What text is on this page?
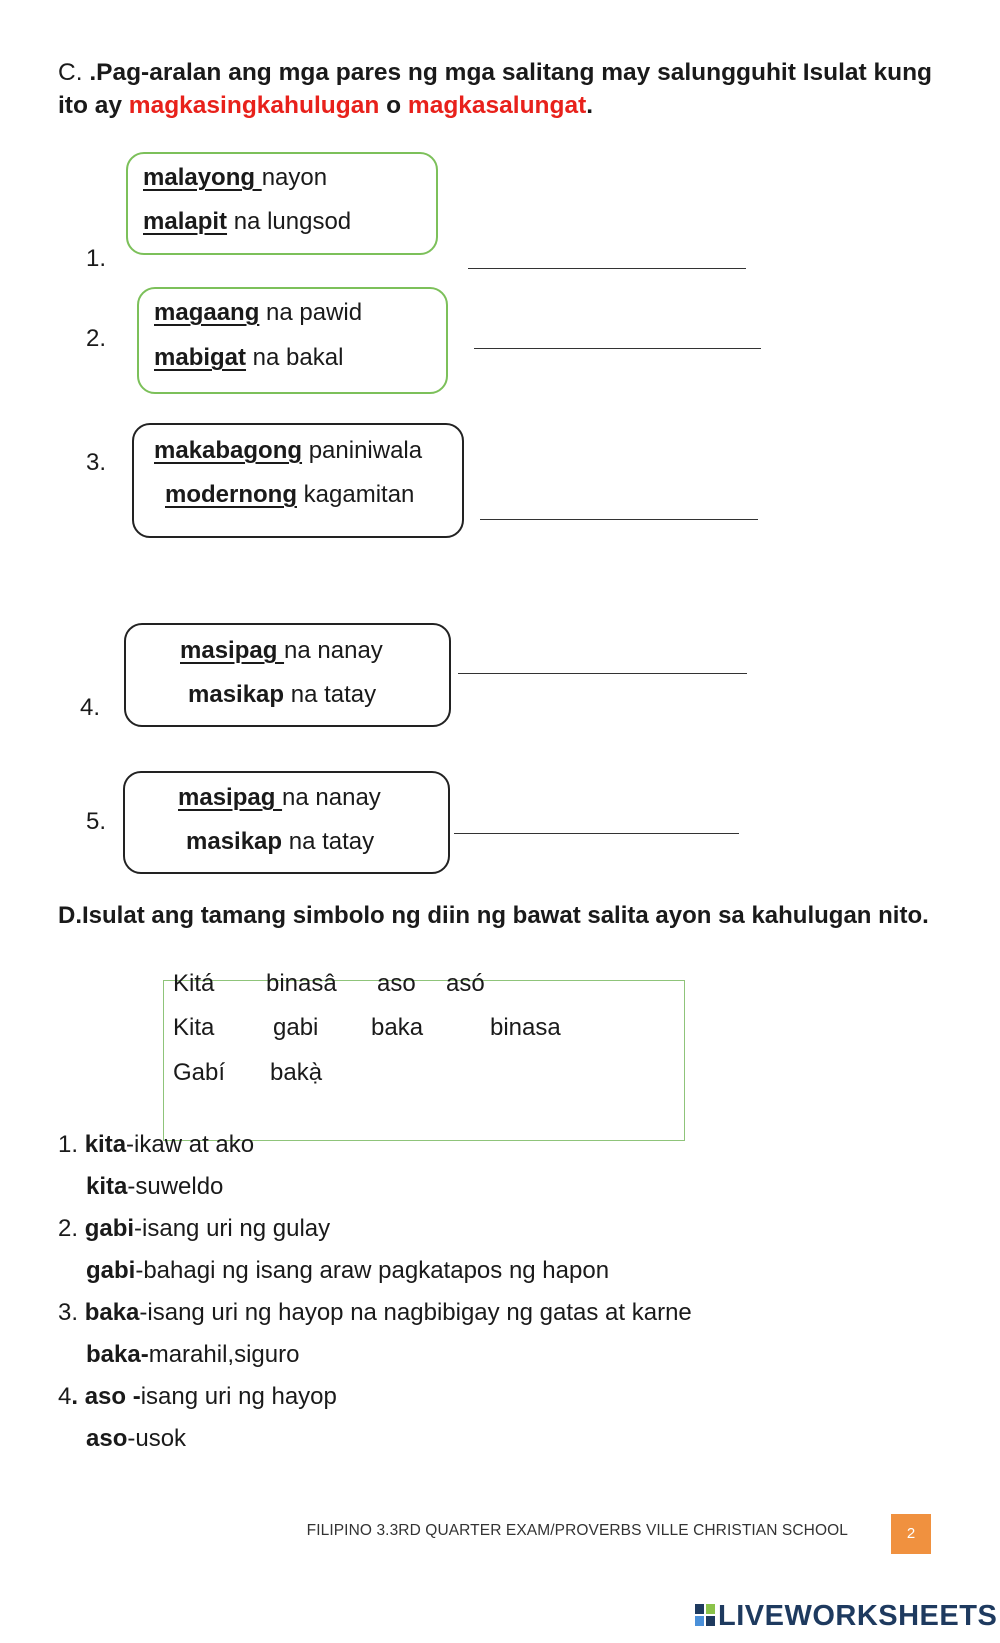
C. .Pag-aralan ang mga pares ng mga salitang may salungguhit Isulat kung ito ay magkasingkahulugan o magkasalungat.
malayong nayon
malapit na lungsod
1.
magaang na pawid
mabigat na bakal
2.
makabagong paniniwala
modernong kagamitan
3.
masipag na nanay
masikap na tatay
4.
masipag na nanay
masikap na tatay
5.
D.Isulat ang tamang simbolo ng diin ng bawat salita ayon sa kahulugan nito.
Kitá binasâ aso asó
Kita gabi baka	binasa
Gabí bakạ̀
1. kita-ikaw at ako
kita-suweldo
2. gabi-isang uri ng gulay
gabi-bahagi ng isang araw pagkatapos ng hapon
3. baka-isang uri ng hayop na nagbibigay ng gatas at karne
baka-marahil,siguro
4. aso -isang uri ng hayop
aso-usok
FILIPINO 3.3RD QUARTER EXAM/PROVERBS VILLE CHRISTIAN SCHOOL	2
LIVEWORKSHEETS
